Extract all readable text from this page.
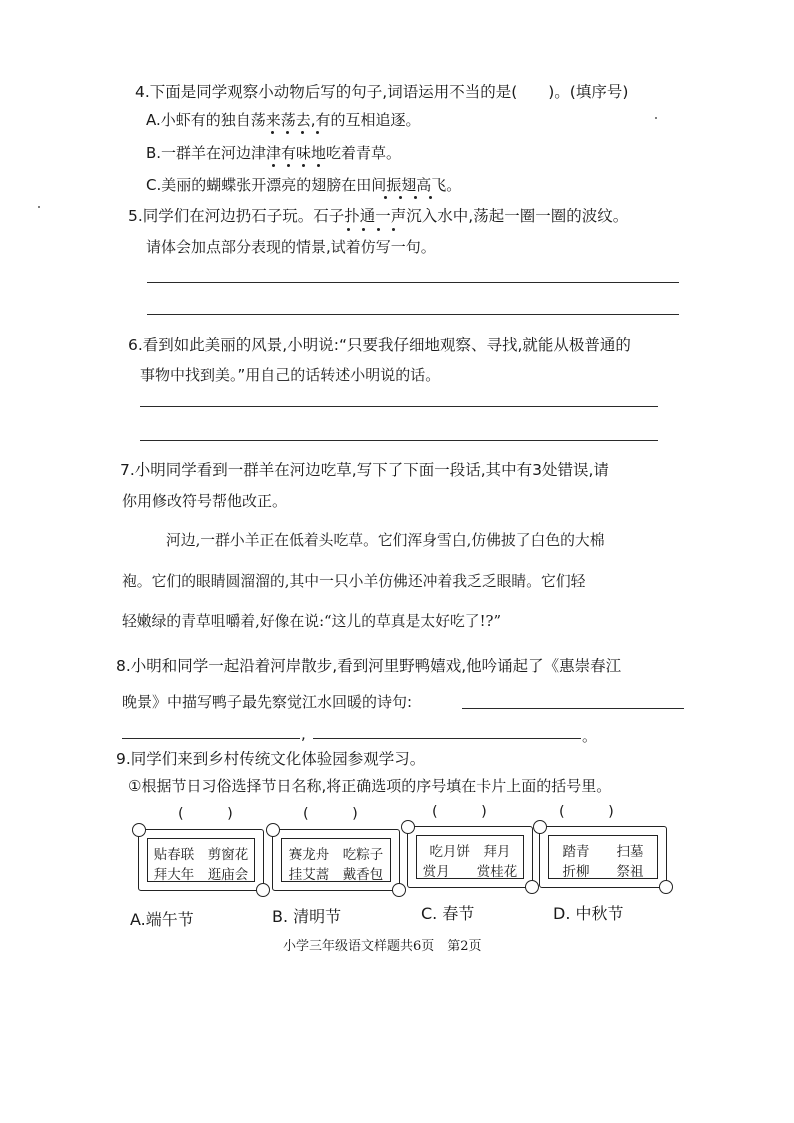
4.下面是同学观察小动物后写的句子,词语运用不当的是(　　)。(填序号)
A.小虾有的独自荡来荡去,有的互相追逐。
B.一群羊在河边津津有味地吃着青草。
C.美丽的蝴蝶张开漂亮的翅膀在田间振翅高飞。
5.同学们在河边扔石子玩。石子扑通一声沉入水中,荡起一圈一圈的波纹。
请体会加点部分表现的情景,试着仿写一句。
6.看到如此美丽的风景,小明说:“只要我仔细地观察、寻找,就能从极普通的
事物中找到美。”用自己的话转述小明说的话。
7.小明同学看到一群羊在河边吃草,写下了下面一段话,其中有3处错误,请
你用修改符号帮他改正。
河边,一群小羊正在低着头吃草。它们浑身雪白,仿佛披了白色的大棉
袍。它们的眼睛圆溜溜的,其中一只小羊仿佛还冲着我乏乏眼睛。它们轻
轻嫩绿的青草咀嚼着,好像在说:“这儿的草真是太好吃了!?”
8.小明和同学一起沿着河岸散步,看到河里野鸭嬉戏,他吟诵起了《惠崇春江
晚景》中描写鸭子最先察觉江水回暖的诗句:
,	。
9.同学们来到乡村传统文化体验园参观学习。
①根据节日习俗选择节日名称,将正确选项的序号填在卡片上面的括号里。
(　　　)	(　　　)	(　　　)	(　　　)
贴春联　剪窗花
拜大年　逛庙会
赛龙舟　吃粽子
挂艾蒿　戴香包
吃月饼　拜月
赏月　　赏桂花
踏青　　扫墓
折柳　　祭祖
A.端午节	B. 清明节	C. 春节	D. 中秋节
小学三年级语文样题共6页　第2页
